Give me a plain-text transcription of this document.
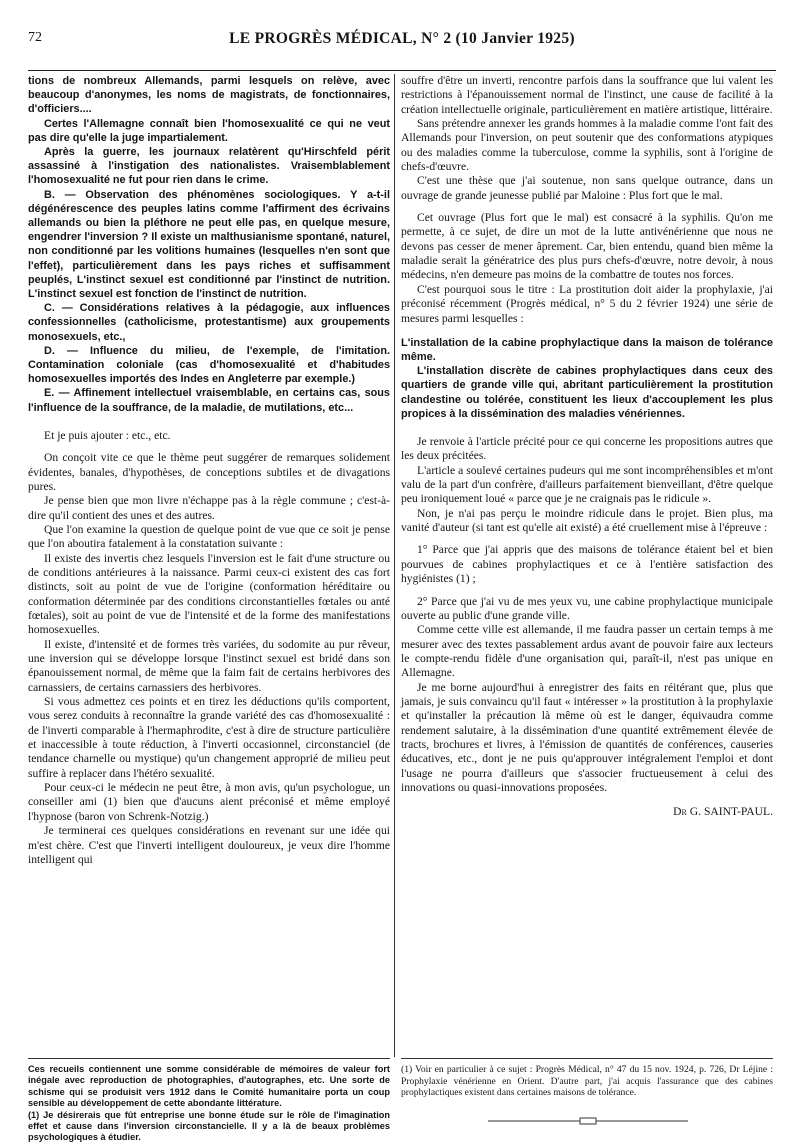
72	LE PROGRÈS MÉDICAL, N° 2 (10 Janvier 1925)

tions de nombreux Allemands, parmi lesquels on relève, avec beaucoup d'anonymes, les noms de magistrats, de fonctionnaires, d'officiers....

Certes l'Allemagne connaît bien l'homosexualité ce qui ne veut pas dire qu'elle la juge impartialement.

Après la guerre, les journaux relatèrent qu'Hirschfeld périt assassiné à l'instigation des nationalistes. Vraisemblablement l'homosexualité ne fut pour rien dans le crime.

B. — Observation des phénomènes sociologiques. Y a-t-il dégénérescence des peuples latins comme l'affirment des écrivains allemands ou bien la pléthore ne peut elle pas, en quelque mesure, engendrer l'inversion ? Il existe un malthusianisme spontané, naturel, non conditionné par les volitions humaines (lesquelles n'en sont que l'effet), particulièrement dans les pays riches et suffisamment peuplés, L'instinct sexuel est conditionné par l'instinct de nutrition. L'instinct sexuel est fonction de l'instinct de nutrition.

C. — Considérations relatives à la pédagogie, aux influences confessionnelles (catholicisme, protestantisme) aux groupements monosexuels, etc.,

D. — Influence du milieu, de l'exemple, de l'imitation. Contamination coloniale (cas d'homosexualité et d'habitudes homosexuelles importés des Indes en Angleterre par exemple.)

E. — Affinement intellectuel vraisemblable, en certains cas, sous l'influence de la souffrance, de la maladie, de mutilations, etc...

Et je puis ajouter : etc., etc.

On conçoit vite ce que le thème peut suggérer de remarques solidement évidentes, banales, d'hypothèses, de conceptions subtiles et de divagations pures.

Je pense bien que mon livre n'échappe pas à la règle commune ; c'est-à-dire qu'il contient des unes et des autres.

Que l'on examine la question de quelque point de vue que ce soit je pense que l'on aboutira fatalement à la constatation suivante :

Il existe des invertis chez lesquels l'inversion est le fait d'une structure ou de conditions antérieures à la naissance. Parmi ceux-ci existent des cas fort distincts, soit au point de vue de l'origine (conformation héréditaire ou conformation déterminée par des conditions circonstantielles fœtales ou anté fœtales), soit au point de vue de l'intensité et de la forme des manifestations homosexuelles.

Il existe, d'intensité et de formes très variées, du sodomite au pur rêveur, une inversion qui se développe lorsque l'instinct sexuel est bridé dans son épanouissement normal, de même que la faim fait de certains herbivores des carnassiers, de certains carnassiers des herbivores.

Si vous admettez ces points et en tirez les déductions qu'ils comportent, vous serez conduits à reconnaître la grande variété des cas d'homosexualité : de l'inverti comparable à l'hermaphrodite, c'est à dire de structure particulière et inaccessible à toute réduction, à l'inverti occasionnel, circonstanciel (de tendance charnelle ou mystique) qu'un changement approprié de milieu peut suffire à replacer dans l'hétéro sexualité.

Pour ceux-ci le médecin ne peut être, à mon avis, qu'un psychologue, un conseiller ami (1) bien que d'aucuns aient préconisé et même employé l'hypnose (baron von Schrenk-Notzig.)

Je terminerai ces quelques considérations en revenant sur une idée qui m'est chère. C'est que l'inverti intelligent douloureux, je veux dire l'homme intelligent qui

souffre d'être un inverti, rencontre parfois dans la souffrance que lui valent les restrictions à l'épanouissement normal de l'instinct, une cause de facilité à la création intellectuelle originale, particulièrement en matière artistique, littéraire.

Sans prétendre annexer les grands hommes à la maladie comme l'ont fait des Allemands pour l'inversion, on peut soutenir que des conformations atypiques ou des maladies comme la tuberculose, comme la syphilis, sont à l'origine de chefs-d'œuvre.

C'est une thèse que j'ai soutenue, non sans quelque outrance, dans un ouvrage de grande jeunesse publié par Maloine : Plus fort que le mal.

Cet ouvrage (Plus fort que le mal) est consacré à la syphilis. Qu'on me permette, à ce sujet, de dire un mot de la lutte antivénérienne que nous ne devons pas cesser de mener âprement. Car, bien entendu, quand bien même la maladie serait la génératrice des plus purs chefs-d'œuvre, notre devoir, à nous médecins, n'en demeure pas moins de la combattre de toutes nos forces.

C'est pourquoi sous le titre : La prostitution doit aider la prophylaxie, j'ai préconisé récemment (Progrès médical, n° 5 du 2 février 1924) une série de mesures parmi lesquelles :

L'installation de la cabine prophylactique dans la maison de tolérance même.

L'installation discrète de cabines prophylactiques dans ceux des quartiers de grande ville qui, abritant particulièrement la prostitution clandestine ou tolérée, constituent les lieux d'accouplement les plus propices à la dissémination des maladies vénériennes.

Je renvoie à l'article précité pour ce qui concerne les propositions autres que les deux précitées.

L'article a soulevé certaines pudeurs qui me sont incompréhensibles et m'ont valu de la part d'un confrère, d'ailleurs parfaitement bienveillant, d'être quelque peu ironiquement loué « parce que je ne craignais pas le ridicule ».

Non, je n'ai pas perçu le moindre ridicule dans le projet. Bien plus, ma vanité d'auteur (si tant est qu'elle ait existé) a été cruellement mise à l'épreuve :

1° Parce que j'ai appris que des maisons de tolérance étaient bel et bien pourvues de cabines prophylactiques et ce à l'entière satisfaction des hygiénistes (1) ;

2° Parce que j'ai vu de mes yeux vu, une cabine prophylactique municipale ouverte au public d'une grande ville.

Comme cette ville est allemande, il me faudra passer un certain temps à me mesurer avec des textes passablement ardus avant de pouvoir faire aux lecteurs le compte-rendu fidèle d'une organisation qui, paraît-il, n'est pas unique en Allemagne.

Je me borne aujourd'hui à enregistrer des faits en réitérant que, plus que jamais, je suis convaincu qu'il faut « intéresser » la prostitution à la prophylaxie et qu'installer la précaution là même où est le danger, équivaudra comme rendement salutaire, à la dissémination d'une quantité extrêmement élevée de tracts, brochures et livres, à l'émission de quantités de conférences, causeries éducatives, etc., dont je ne puis qu'approuver intégralement l'emploi et dont l'usage ne pourra d'ailleurs que s'associer fructueusement à celui des innovations ou quasi-innovations proposées.

Dr G. SAINT-PAUL.

Ces recueils contiennent une somme considérable de mémoires de valeur fort inégale avec reproduction de photographies, d'autographes, etc. Une sorte de schisme qui se produisit vers 1912 dans le Comité humanitaire porta un coup sensible au développement de cette abondante littérature.

(1) Je désirerais que fût entreprise une bonne étude sur le rôle de l'imagination effet et cause dans l'inversion circonstancielle. Il y a là de beaux problèmes psychologiques à étudier.

(1) Voir en particulier à ce sujet : Progrès Médical, n° 47 du 15 nov. 1924, p. 726, Dr Léjine : Prophylaxie vénérienne en Orient. D'autre part, j'ai acquis l'assurance que des cabines prophylactiques existent dans certaines maisons de tolérance.
